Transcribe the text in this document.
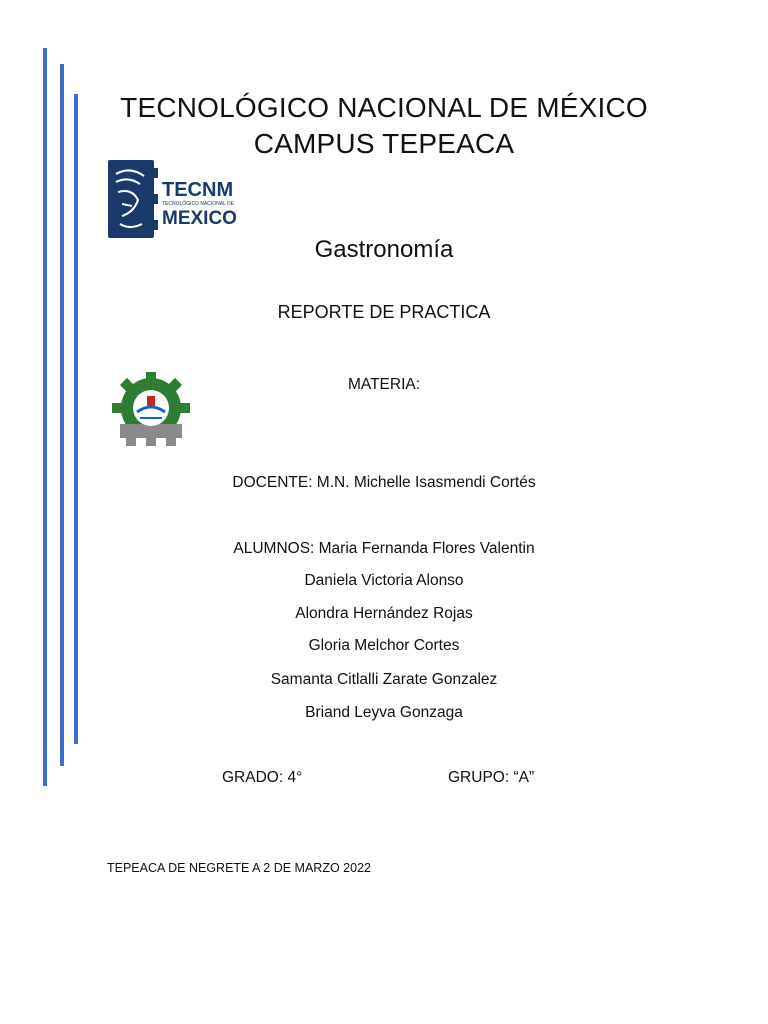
TECNOLÓGICO NACIONAL DE MÉXICO
CAMPUS TEPEACA
TECNM
TECNOLÓGICO NACIONAL DE
MEXICO
Gastronomía
REPORTE DE PRACTICA
MATERIA:
DOCENTE: M.N. Michelle Isasmendi Cortés
ALUMNOS: Maria Fernanda Flores Valentin
Daniela Victoria Alonso
Alondra Hernández Rojas
Gloria Melchor Cortes
Samanta Citlalli Zarate Gonzalez
Briand Leyva Gonzaga
GRADO: 4°	GRUPO: “A”
TEPEACA DE NEGRETE A 2 DE MARZO 2022
